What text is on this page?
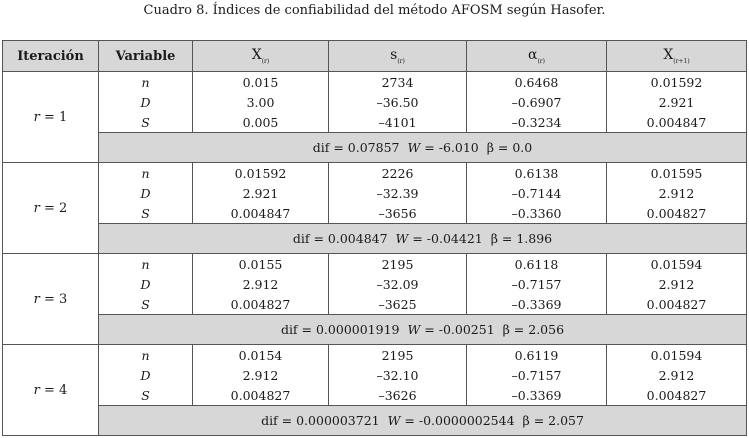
Cuadro 8. Índices de confiabilidad del método AFOSM según Hasofer.
Iteración	Variable	$X_{(r)}$	$s_{(r)}$	$\alpha_{(r)}$	$X_{(r+1)}$
r = 1	n	0.015	2734	0.6468	0.01592
	D	3.00	–36.50	–0.6907	2.921
	S	0.005	–4101	–0.3234	0.004847
	dif = 0.07857 W = -6.010 β = 0.0				
r = 2	n	0.01592	2226	0.6138	0.01595
	D	2.921	–32.39	–0.7144	2.912
	S	0.004847	–3656	–0.3360	0.004827
	dif = 0.004847 W = -0.04421 β = 1.896				
r = 3	n	0.0155	2195	0.6118	0.01594
	D	2.912	–32.09	–0.7157	2.912
	S	0.004827	–3625	–0.3369	0.004827
	dif = 0.000001919 W = -0.00251 β = 2.056				
r = 4	n	0.0154	2195	0.6119	0.01594
	D	2.912	–32.10	–0.7157	2.912
	S	0.004827	–3626	–0.3369	0.004827
	dif = 0.000003721 W = -0.0000002544 β = 2.057				
